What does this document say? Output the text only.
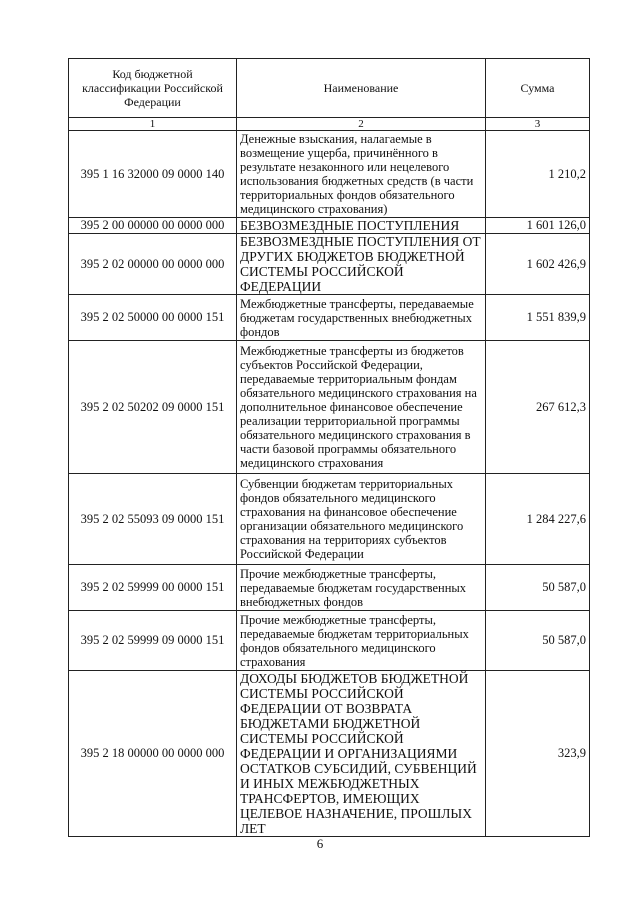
Код бюджетной классификации Российской Федерации	Наименование	Сумма
1	2	3
395 1 16 32000 09 0000 140	Денежные взыскания, налагаемые в возмещение ущерба, причинённого в результате незаконного или нецелевого использования бюджетных средств (в части территориальных фондов обязательного медицинского страхования)	1 210,2
395 2 00 00000 00 0000 000	БЕЗВОЗМЕЗДНЫЕ ПОСТУПЛЕНИЯ	1 601 126,0
395 2 02 00000 00 0000 000	БЕЗВОЗМЕЗДНЫЕ ПОСТУПЛЕНИЯ ОТ ДРУГИХ БЮДЖЕТОВ БЮДЖЕТНОЙ СИСТЕМЫ РОССИЙСКОЙ ФЕДЕРАЦИИ	1 602 426,9
395 2 02 50000 00 0000 151	Межбюджетные трансферты, передаваемые бюджетам государственных внебюджетных фондов	1 551 839,9
395 2 02 50202 09 0000 151	Межбюджетные трансферты из бюджетов субъектов Российской Федерации, передаваемые территориальным фондам обязательного медицинского страхования на дополнительное финансовое обеспечение реализации территориальной программы обязательного медицинского страхования в части базовой программы обязательного медицинского страхования	267 612,3
395 2 02 55093 09 0000 151	Субвенции бюджетам территориальных фондов обязательного медицинского страхования на финансовое обеспечение организации обязательного медицинского страхования на территориях субъектов Российской Федерации	1 284 227,6
395 2 02 59999 00 0000 151	Прочие межбюджетные трансферты, передаваемые бюджетам государственных внебюджетных фондов	50 587,0
395 2 02 59999 09 0000 151	Прочие межбюджетные трансферты, передаваемые бюджетам территориальных фондов обязательного медицинского страхования	50 587,0
395 2 18 00000 00 0000 000	ДОХОДЫ БЮДЖЕТОВ БЮДЖЕТНОЙ СИСТЕМЫ РОССИЙСКОЙ ФЕДЕРАЦИИ ОТ ВОЗВРАТА БЮДЖЕТАМИ БЮДЖЕТНОЙ СИСТЕМЫ РОССИЙСКОЙ ФЕДЕРАЦИИ И ОРГАНИЗАЦИЯМИ ОСТАТКОВ СУБСИДИЙ, СУБВЕНЦИЙ И ИНЫХ МЕЖБЮДЖЕТНЫХ ТРАНСФЕРТОВ, ИМЕЮЩИХ ЦЕЛЕВОЕ НАЗНАЧЕНИЕ, ПРОШЛЫХ ЛЕТ	323,9
6
